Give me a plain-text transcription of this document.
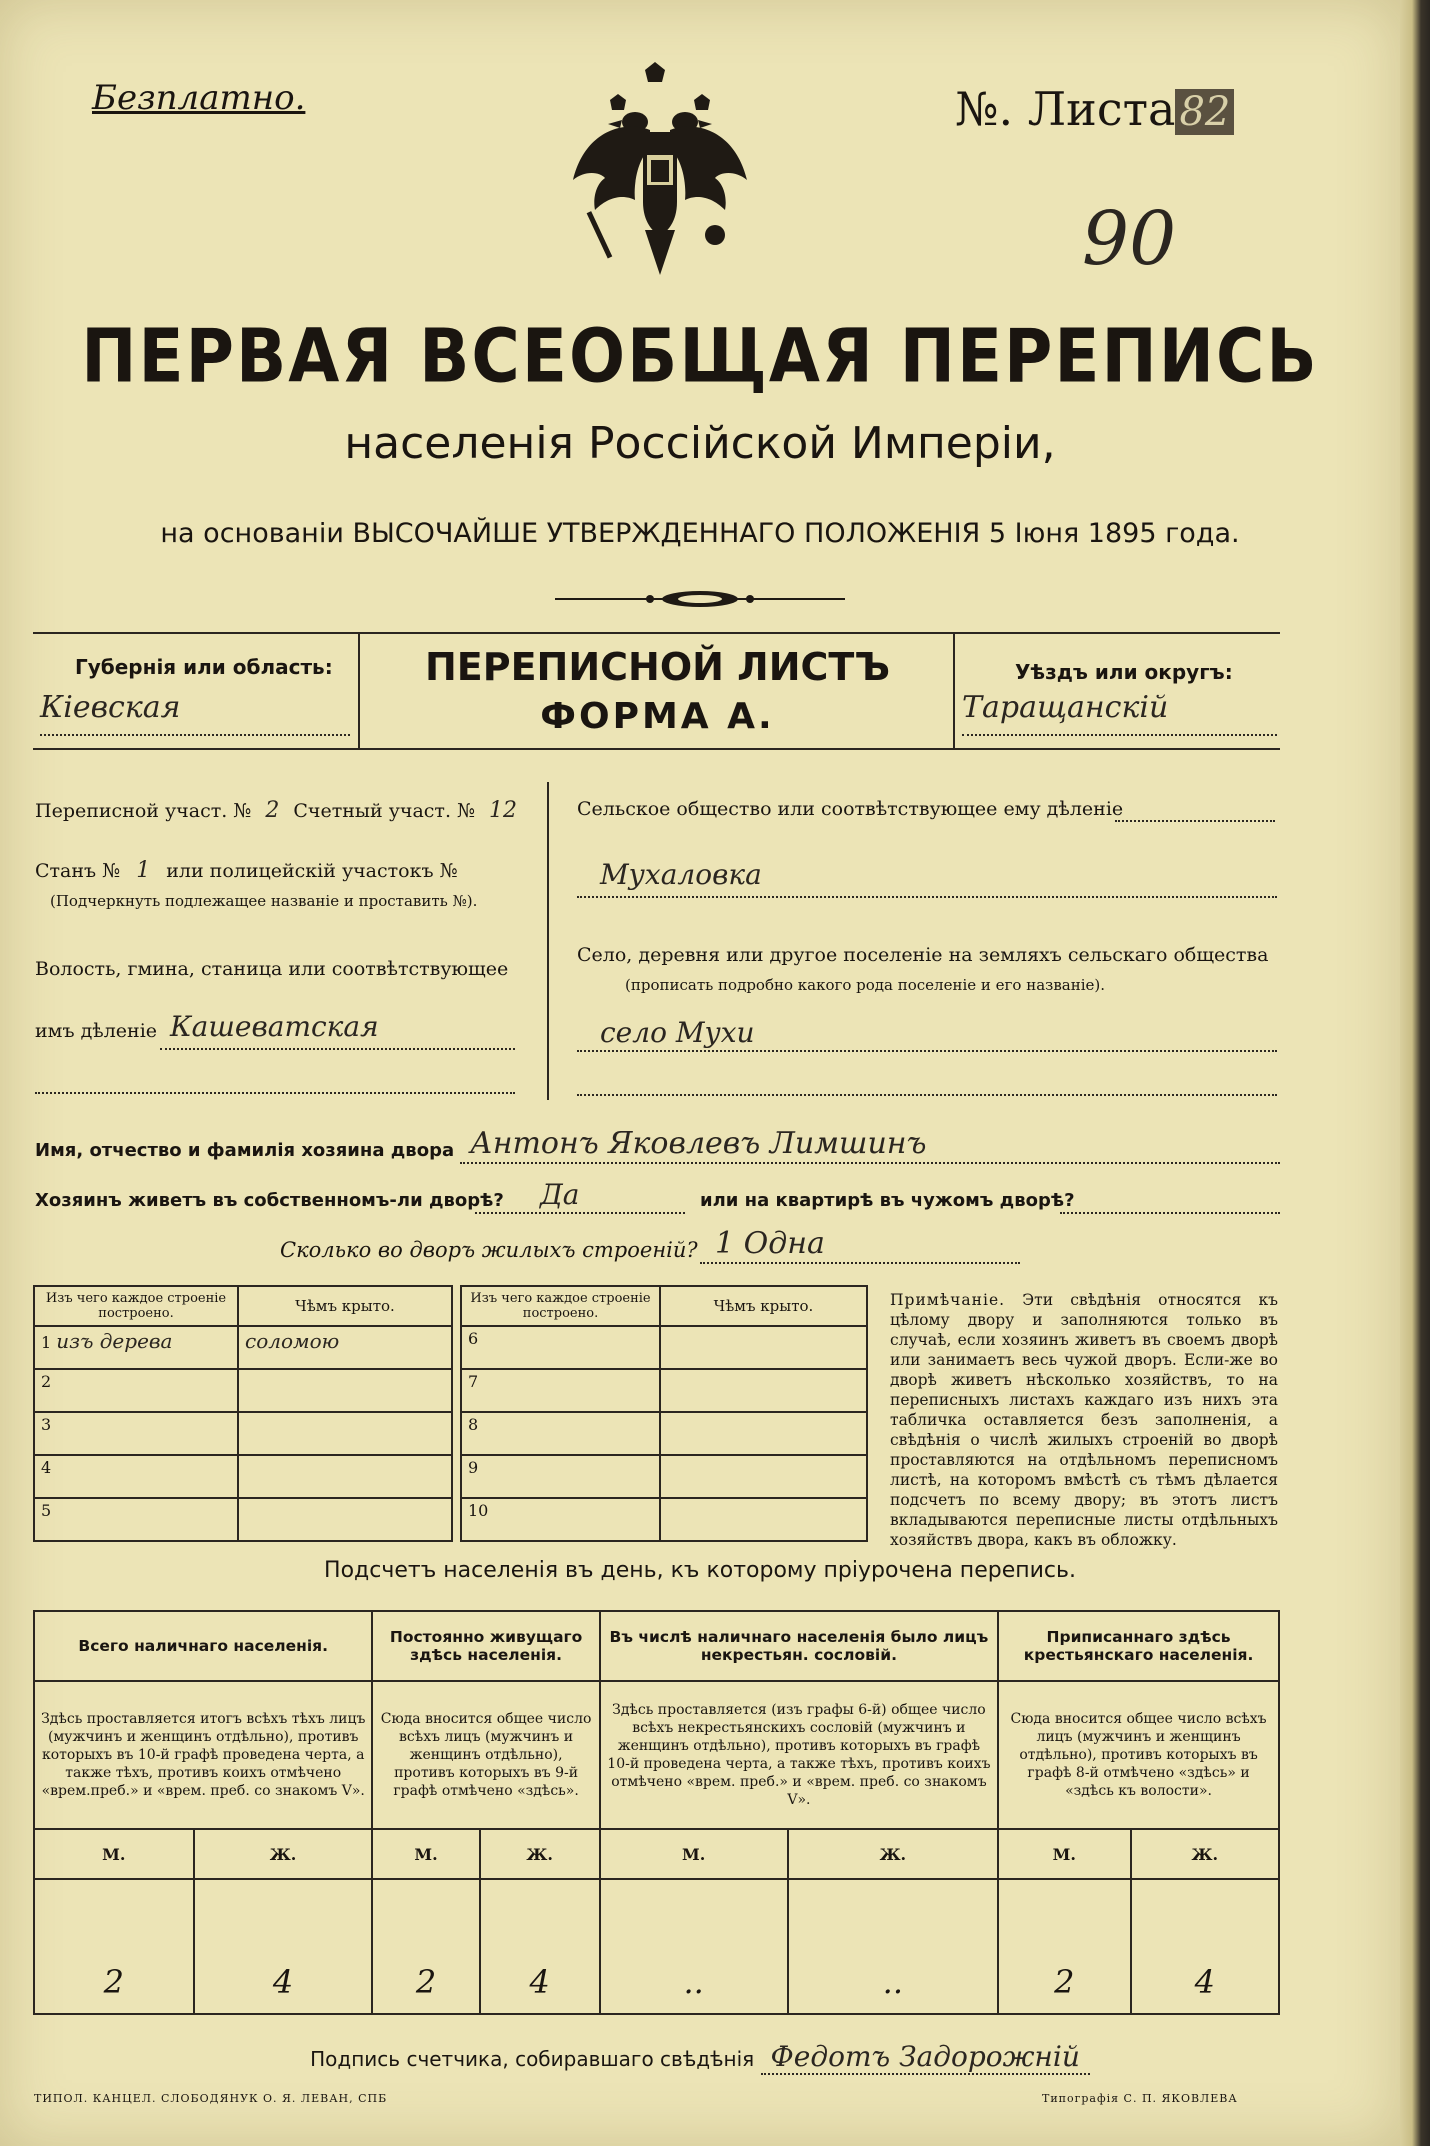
Безплатно.	№. Листа 82
90
ПЕРВАЯ ВСЕОБЩАЯ ПЕРЕПИСЬ
населенія Россійской Имперіи,
на основаніи ВЫСОЧАЙШЕ УТВЕРЖДЕННАГО ПОЛОЖЕНІЯ 5 Іюня 1895 года.
Губернія или область:
Кіевская
ПЕРЕПИСНОЙ ЛИСТЪ
ФОРМА А.
Уѣздъ или округъ:
Таращанскій
Переписной участ. № 2 Счетный участ. № 12
Станъ № 1 или полицейскій участокъ №
(Подчеркнуть подлежащее названіе и проставить №).
Волость, гмина, станица или соотвѣтствующее
имъ дѣленіе Кашеватская
Сельское общество или соотвѣтствующее ему дѣленіе
Мухаловка
Село, деревня или другое поселеніе на земляхъ сельскаго общества
(прописать подробно какого рода поселеніе и его названіе).
село Мухи
Имя, отчество и фамилія хозяина двора Антонъ Яковлевъ Лимшинъ
Хозяинъ живетъ въ собственномъ-ли дворѣ? Да	или на квартирѣ въ чужомъ дворѣ?
Сколько во дворъ жилыхъ строеній? 1 Одна
Изъ чего каждое строеніе построено.	Чѣмъ крыто.
1 изъ дерева	соломою
2	
3	
4	
5	
Изъ чего каждое строеніе построено.	Чѣмъ крыто.
6	
7	
8	
9	
10	
Примѣчаніе. Эти свѣдѣнія относятся къ цѣлому двору и заполняются только въ случаѣ, если хозяинъ живетъ въ своемъ дворѣ или занимаетъ весь чужой дворъ. Если-же во дворѣ живетъ нѣсколько хозяйствъ, то на переписныхъ листахъ каждаго изъ нихъ эта табличка оставляется безъ заполненія, а свѣдѣнія о числѣ жилыхъ строеній во дворѣ проставляются на отдѣльномъ переписномъ листѣ, на которомъ вмѣстѣ съ тѣмъ дѣлается подсчетъ по всему двору; въ этотъ листъ вкладываются переписные листы отдѣльныхъ хозяйствъ двора, какъ въ обложку.
Подсчетъ населенія въ день, къ которому пріурочена перепись.
Всего наличнаго населенія.		Постоянно живущаго здѣсь населенія.		Въ числѣ наличнаго населенія было лицъ некрестьян. сословій.		Приписаннаго здѣсь крестьянскаго населенія.	
Здѣсь проставляется итогъ всѣхъ тѣхъ лицъ (мужчинъ и женщинъ отдѣльно), противъ которыхъ въ 10-й графѣ проведена черта, а также тѣхъ, противъ коихъ отмѣчено «врем.преб.» и «врем. преб. со знакомъ V».		Сюда вносится общее число всѣхъ лицъ (мужчинъ и женщинъ отдѣльно), противъ которыхъ въ 9-й графѣ отмѣчено «здѣсь».		Здѣсь проставляется (изъ графы 6-й) общее число всѣхъ некрестьянскихъ сословій (мужчинъ и женщинъ отдѣльно), противъ которыхъ въ графѣ 10-й проведена черта, а также тѣхъ, противъ коихъ отмѣчено «врем. преб.» и «врем. преб. со знакомъ V».		Сюда вносится общее число всѣхъ лицъ (мужчинъ и женщинъ отдѣльно), противъ которыхъ въ графѣ 8-й отмѣчено «здѣсь» и «здѣсь къ волости».	
М.	Ж.	М.	Ж.	М.	Ж.	М.	Ж.
2	4	2	4	..	..	2	4
Подпись счетчика, собиравшаго свѣдѣнія Федотъ Задорожній
ТИПОЛ. КАНЦЕЛ. СЛОБОДЯНУК О. Я. ЛЕВАН, СПБ	Типографія С. П. ЯКОВЛЕВА
